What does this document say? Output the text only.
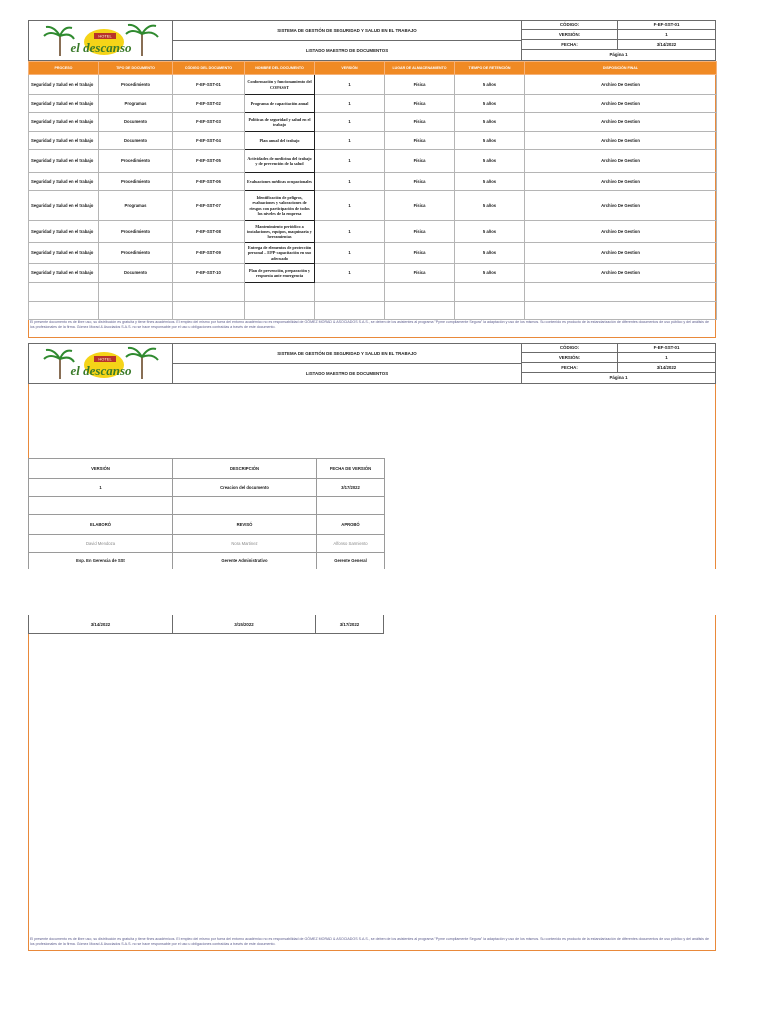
SISTEMA DE GESTIÓN DE SEGURIDAD Y SALUD EN EL TRABAJO
LISTADO MAESTRO DE DOCUMENTOS
CÓDIGO:	F-EF-SST-01
VERSIÓN:	1
FECHA:	3/14/2022
Página 1
HOTEL
el descanso
PROCESO	TIPO DE DOCUMENTO	CÓDIGO DEL DOCUMENTO	NOMBRE DEL DOCUMENTO	VERSIÓN	LUGAR DE ALMACENAMIENTO	TIEMPO DE RETENCIÓN	DISPOSICIÓN FINAL
Seguridad y Salud en el trabajo	Procedimiento	F-EF-SST-01	Conformación y funcionamiento del COPASST	1	Física	5 años	Archivo De Gestion
Seguridad y Salud en el trabajo	Programas	F-EF-SST-02	Programa de capacitación anual	1	Física	5 años	Archivo De Gestion
Seguridad y Salud en el trabajo	Documento	F-EF-SST-03	Políticas de seguridad y salud en el trabajo	1	Física	5 años	Archivo De Gestion
Seguridad y Salud en el trabajo	Documento	F-EF-SST-04	Plan anual del trabajo	1	Física	5 años	Archivo De Gestion
Seguridad y Salud en el trabajo	Procedimiento	F-EF-SST-05	Actividades de medicina del trabajo y de prevención de la salud	1	Física	5 años	Archivo De Gestion
Seguridad y Salud en el trabajo	Procedimiento	F-EF-SST-06	Evaluaciones médicas ocupacionales	1	Física	5 años	Archivo De Gestion
Seguridad y Salud en el trabajo	Programas	F-EF-SST-07	Identificación de peligros, evaluaciones y valoraciones de riesgos con participación de todos los niveles de la empresa	1	Física	5 años	Archivo De Gestion
Seguridad y Salud en el trabajo	Procedimiento	F-EF-SST-08	Mantenimiento periódico a instalaciones, equipos, maquinaria y herramientas	1	Física	5 años	Archivo De Gestion
Seguridad y Salud en el trabajo	Procedimiento	F-EF-SST-09	Entrega de elementos de protección personal – EPP-capacitación en uso adecuado	1	Física	5 años	Archivo De Gestion
Seguridad y Salud en el trabajo	Documento	F-EF-SST-10	Plan de prevención, preparación y respuesta ante emergencia	1	Física	5 años	Archivo De Gestion

El presente documento es de libre uso, su distribución es gratuita y tiene fines académicos. El empleo del mismo por fuera del entorno académico no es responsabilidad de GÓMEZ MORAD & ASOCIADOS S.A.S., se deben de los asistentes al programa "Pyme cumpliamente Segura" la adaptación y uso de los mismos. Su contenido es producto de la estandarización de diferentes documentos de uso público y del análisis de los profesionales de la firma. Gómez Morad & Asociados S.A.S. no se hace responsable por el uso u obligaciones contraídas a través de este documento.
SISTEMA DE GESTIÓN DE SEGURIDAD Y SALUD EN EL TRABAJO
LISTADO MAESTRO DE DOCUMENTOS
CÓDIGO:	F-EF-SST-01
VERSIÓN:	1
FECHA:	3/14/2022
Página 1
HOTEL
el descanso
VERSIÓN	DESCRIPCIÓN	FECHA DE VERSIÓN
1	Creacion del documento	3/17/2022

ELABORÓ	REVISÓ	APROBÓ
David Mendoza	Nora Martinez	Alfonso Sarmiento
Esp. En Gerencia de SSt	Gerente Administrativo	Gerente General
3/14/2022	3/15/2022	3/17/2022
El presente documento es de libre uso, su distribución es gratuita y tiene fines académicos. El empleo del mismo por fuera del entorno académico no es responsabilidad de GÓMEZ MORAD & ASOCIADOS S.A.S., se deben de los asistentes al programa "Pyme cumpliamente Segura" la adaptación y uso de los mismos. Su contenido es producto de la estandarización de diferentes documentos de uso público y del análisis de los profesionales de la firma. Gómez Morad & Asociados S.A.S. no se hace responsable por el uso u obligaciones contraídas a través de este documento.
